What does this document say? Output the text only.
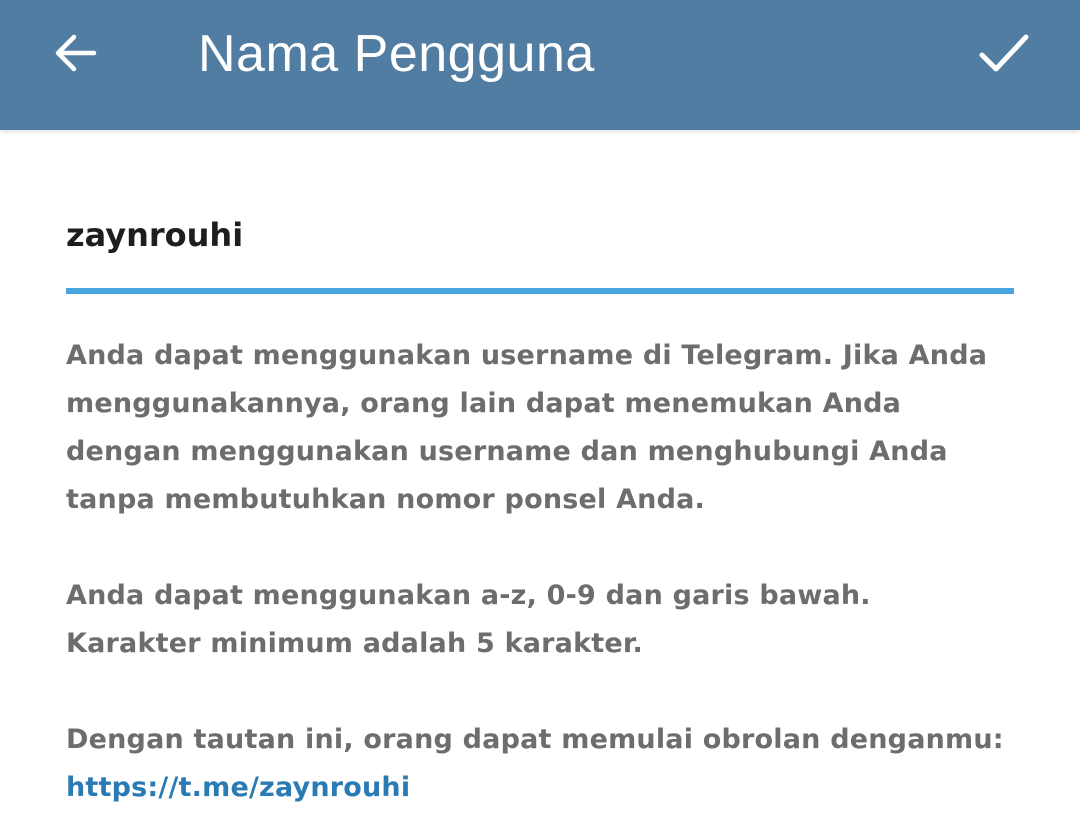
Nama Pengguna
zaynrouhi

Anda dapat menggunakan username di Telegram. Jika Anda menggunakannya, orang lain dapat menemukan Anda dengan menggunakan username dan menghubungi Anda tanpa membutuhkan nomor ponsel Anda.

Anda dapat menggunakan a-z, 0-9 dan garis bawah.

Karakter minimum adalah 5 karakter.

Dengan tautan ini, orang dapat memulai obrolan denganmu:

https://t.me/zaynrouhi
